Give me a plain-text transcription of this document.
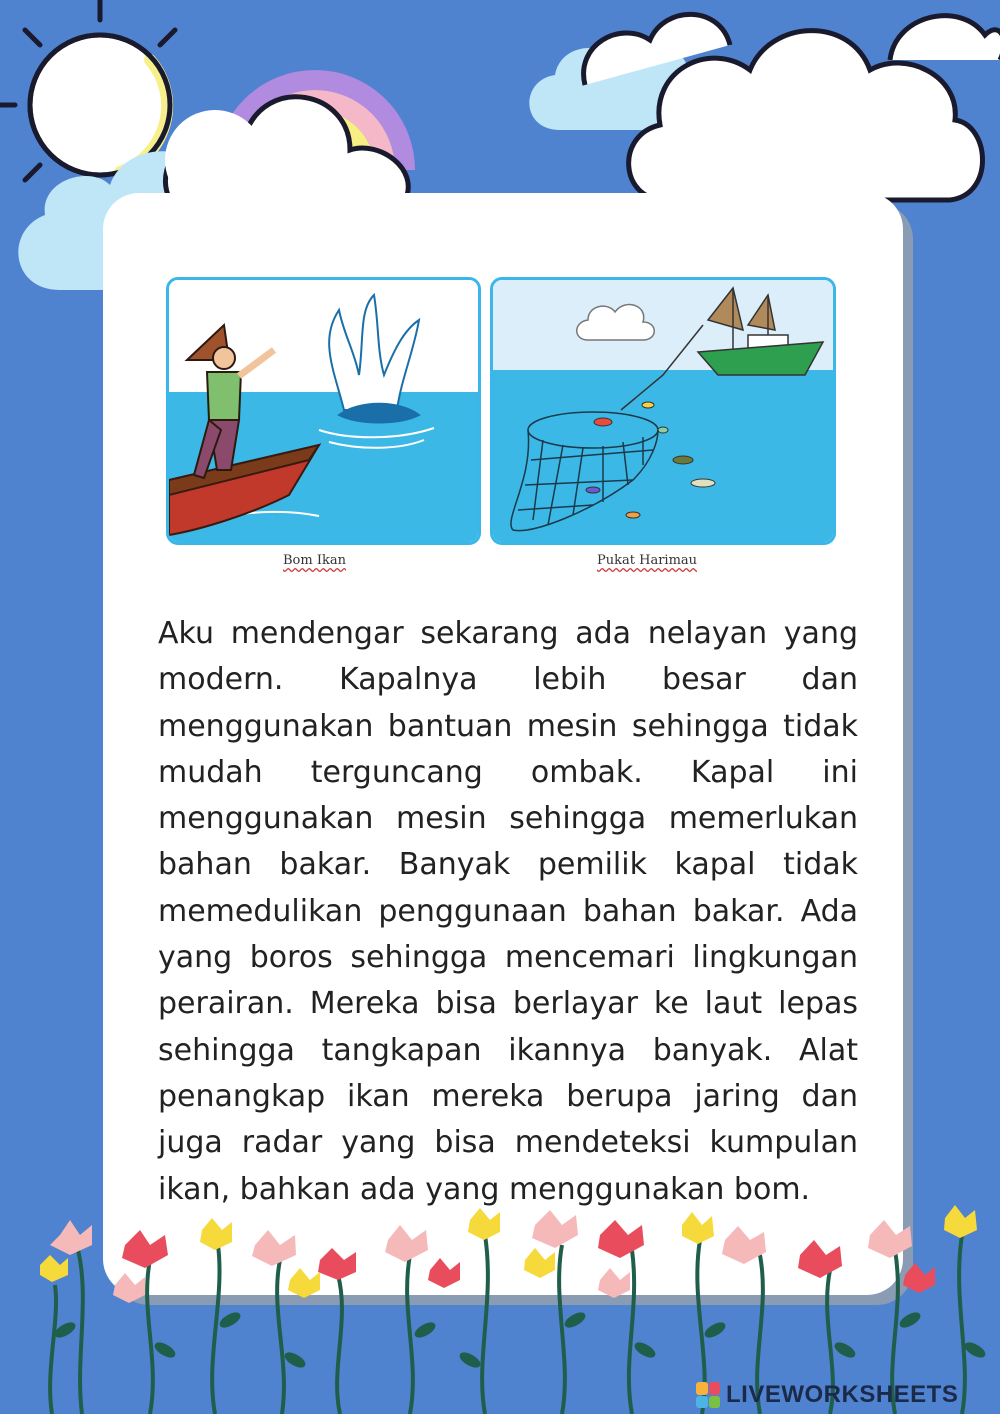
Bom Ikan	Pukat Harimau

Aku mendengar sekarang ada nelayan yang modern. Kapalnya lebih besar dan menggunakan bantuan mesin sehingga tidak mudah terguncang ombak. Kapal ini menggunakan mesin sehingga memerlukan bahan bakar. Banyak pemilik kapal tidak memedulikan penggunaan bahan bakar. Ada yang boros sehingga mencemari lingkungan perairan. Mereka bisa berlayar ke laut lepas sehingga tangkapan ikannya banyak. Alat penangkap ikan mereka berupa jaring dan juga radar yang bisa mendeteksi kumpulan ikan, bahkan ada yang menggunakan bom.

LIVEWORKSHEETS
